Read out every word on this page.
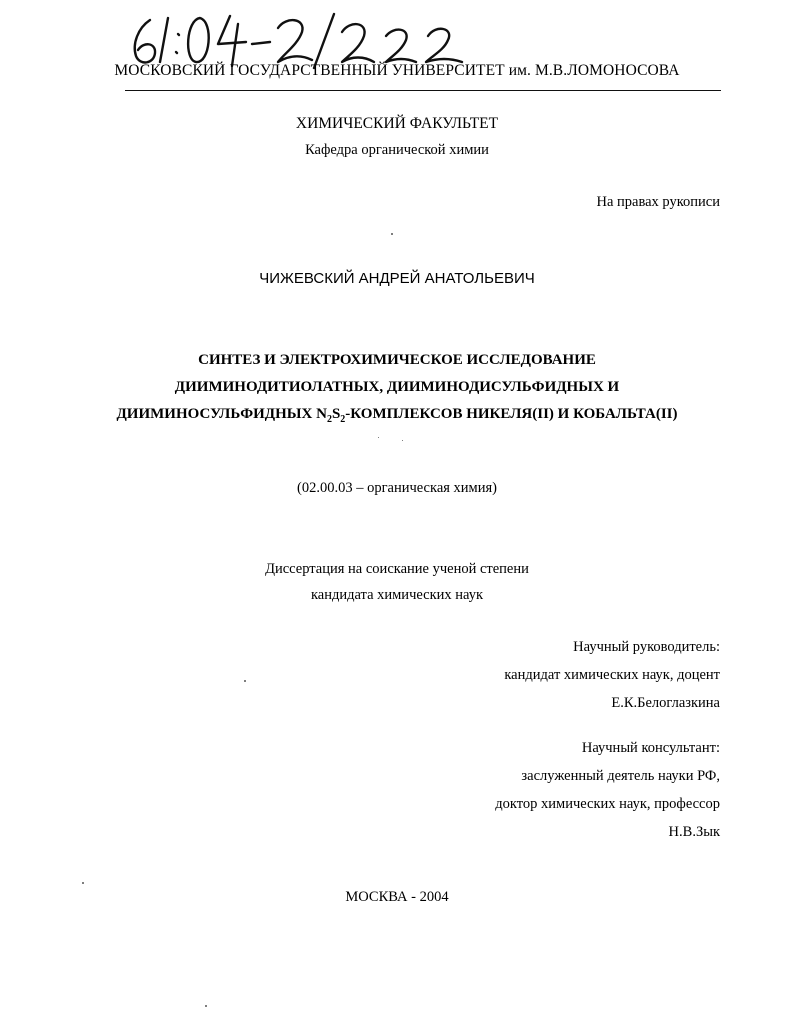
МОСКОВСКИЙ ГОСУДАРСТВЕННЫЙ УНИВЕРСИТЕТ им. М.В.ЛОМОНОСОВА
ХИМИЧЕСКИЙ ФАКУЛЬТЕТ
Кафедра органической химии
На правах рукописи
ЧИЖЕВСКИЙ АНДРЕЙ АНАТОЛЬЕВИЧ
СИНТЕЗ И ЭЛЕКТРОХИМИЧЕСКОЕ ИССЛЕДОВАНИЕ
ДИИМИНОДИТИОЛАТНЫХ, ДИИМИНОДИСУЛЬФИДНЫХ И
ДИИМИНОСУЛЬФИДНЫХ $N_2S_2$-КОМПЛЕКСОВ НИКЕЛЯ(II) И КОБАЛЬТА(II)
(02.00.03 – органическая химия)
Диссертация на соискание ученой степени
кандидата химических наук
Научный руководитель:
кандидат химических наук, доцент
Е.К.Белоглазкина
Научный консультант:
заслуженный деятель науки РФ,
доктор химических наук, профессор
Н.В.Зык
МОСКВА - 2004
